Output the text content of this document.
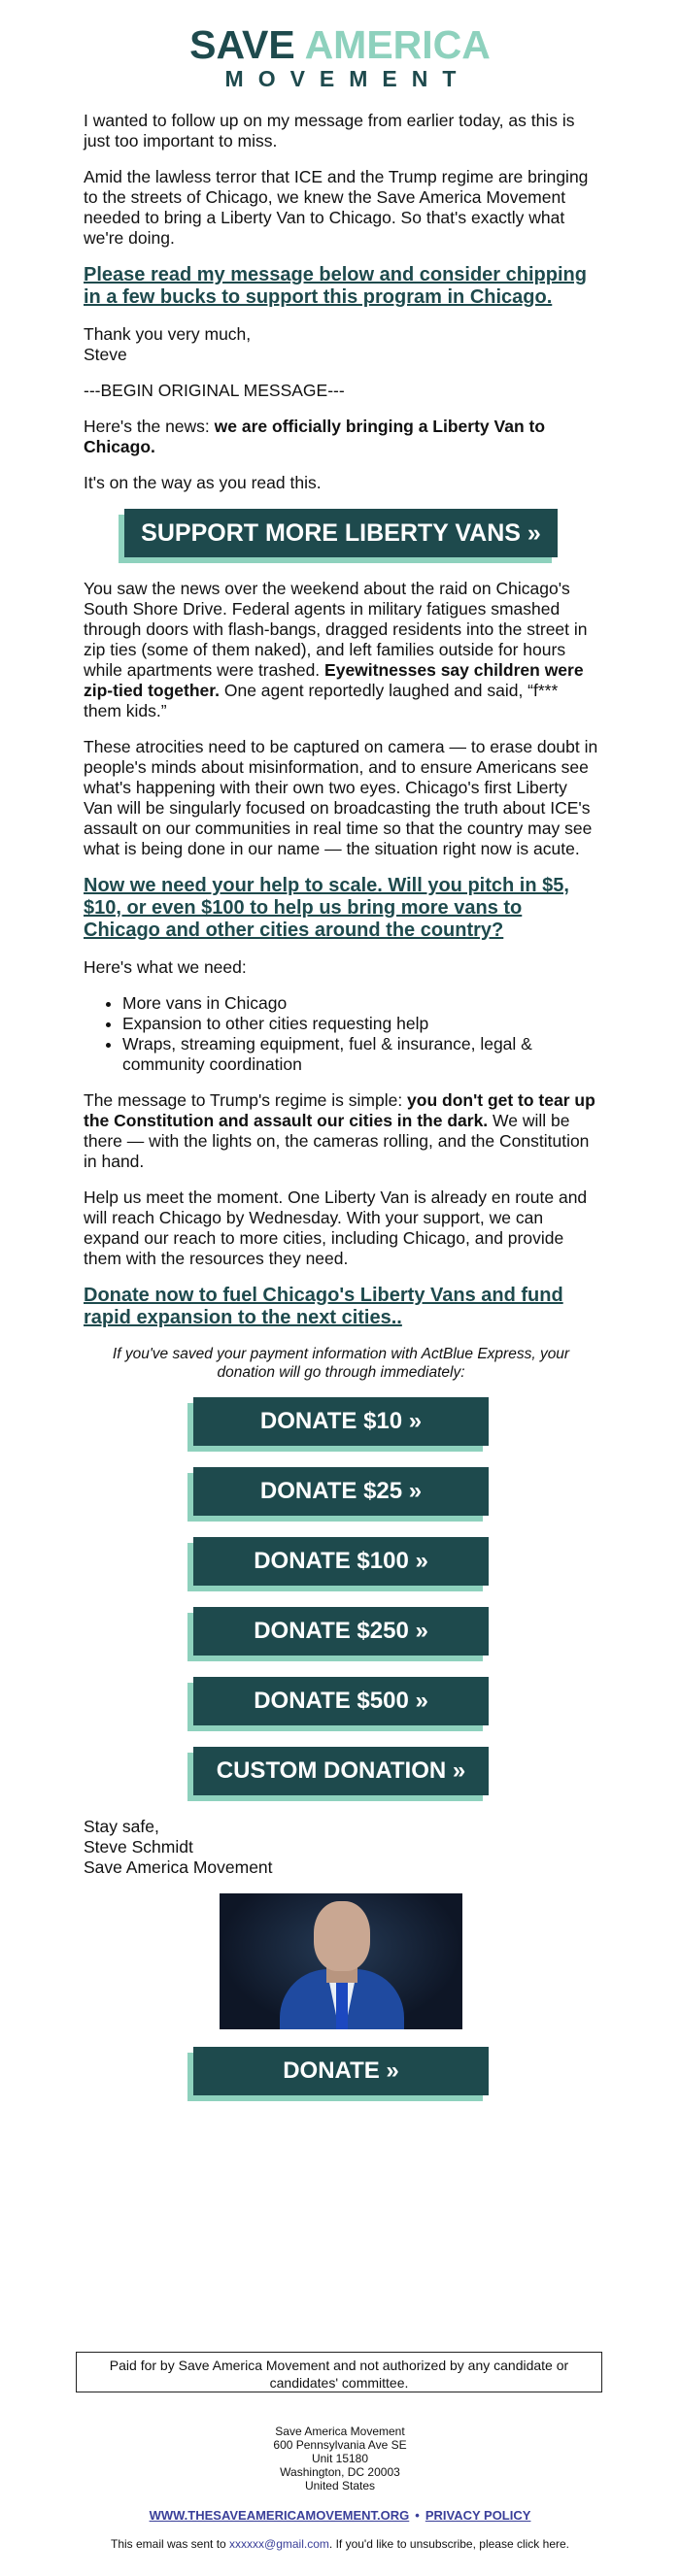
SAVE AMERICA
MOVEMENT

I wanted to follow up on my message from earlier today, as this is just too important to miss.

Amid the lawless terror that ICE and the Trump regime are bringing to the streets of Chicago, we knew the Save America Movement needed to bring a Liberty Van to Chicago. So that's exactly what we're doing.

Please read my message below and consider chipping in a few bucks to support this program in Chicago.

Thank you very much,
Steve

---BEGIN ORIGINAL MESSAGE---

Here's the news: we are officially bringing a Liberty Van to Chicago.

It's on the way as you read this.

SUPPORT MORE LIBERTY VANS »

You saw the news over the weekend about the raid on Chicago's South Shore Drive. Federal agents in military fatigues smashed through doors with flash-bangs, dragged residents into the street in zip ties (some of them naked), and left families outside for hours while apartments were trashed. Eyewitnesses say children were zip-tied together. One agent reportedly laughed and said, “f*** them kids.”

These atrocities need to be captured on camera — to erase doubt in people's minds about misinformation, and to ensure Americans see what's happening with their own two eyes. Chicago's first Liberty Van will be singularly focused on broadcasting the truth about ICE's assault on our communities in real time so that the country may see what is being done in our name — the situation right now is acute.

Now we need your help to scale. Will you pitch in $5, $10, or even $100 to help us bring more vans to Chicago and other cities around the country?

Here's what we need:

• More vans in Chicago
• Expansion to other cities requesting help
• Wraps, streaming equipment, fuel & insurance, legal & community coordination

The message to Trump's regime is simple: you don't get to tear up the Constitution and assault our cities in the dark. We will be there — with the lights on, the cameras rolling, and the Constitution in hand.

Help us meet the moment. One Liberty Van is already en route and will reach Chicago by Wednesday. With your support, we can expand our reach to more cities, including Chicago, and provide them with the resources they need.

Donate now to fuel Chicago's Liberty Vans and fund rapid expansion to the next cities..

If you've saved your payment information with ActBlue Express, your donation will go through immediately:

DONATE $10 »
DONATE $25 »
DONATE $100 »
DONATE $250 »
DONATE $500 »
CUSTOM DONATION »

Stay safe,
Steve Schmidt
Save America Movement

DONATE »
Paid for by Save America Movement and not authorized by any candidate or candidates' committee.
Save America Movement
600 Pennsylvania Ave SE
Unit 15180
Washington, DC 20003
United States
WWW.THESAVEAMERICAMOVEMENT.ORG • PRIVACY POLICY
This email was sent to xxxxxx@gmail.com. If you'd like to unsubscribe, please click here.
